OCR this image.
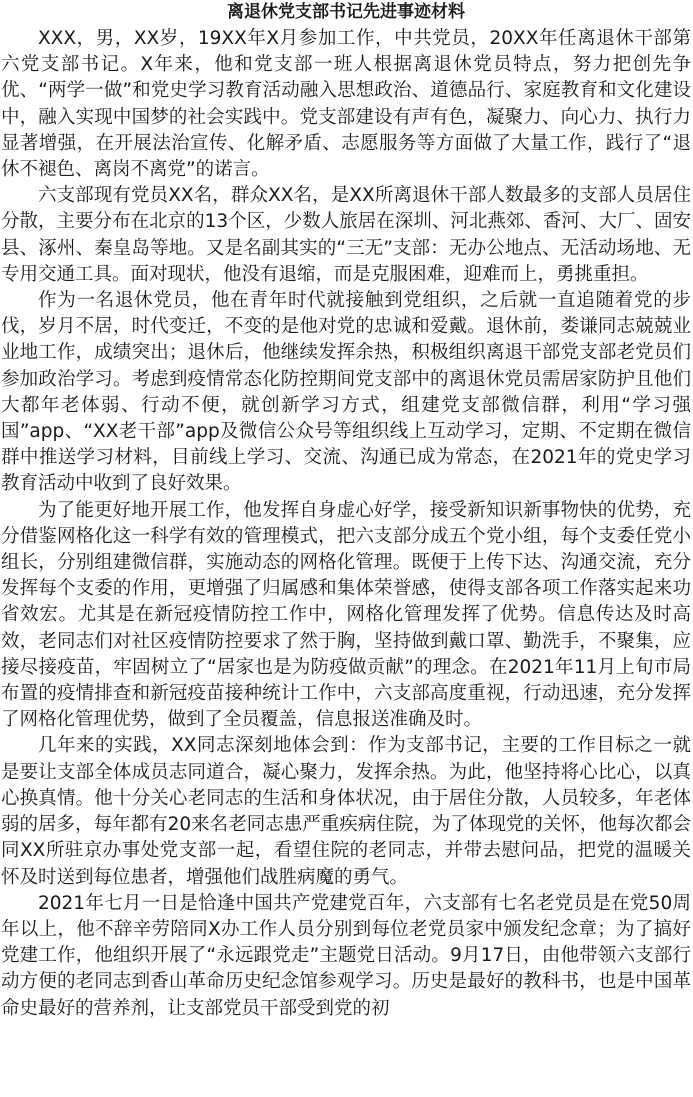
离退休党支部书记先进事迹材料

XXX，男，XX岁，19XX年X月参加工作，中共党员，20XX年任离退休干部第六党支部书记。X年来，他和党支部一班人根据离退休党员特点，努力把创先争优、“两学一做”和党史学习教育活动融入思想政治、道德品行、家庭教育和文化建设中，融入实现中国梦的社会实践中。党支部建设有声有色，凝聚力、向心力、执行力显著增强，在开展法治宣传、化解矛盾、志愿服务等方面做了大量工作，践行了“退休不褪色、离岗不离党”的诺言。

六支部现有党员XX名，群众XX名，是XX所离退休干部人数最多的支部人员居住分散，主要分布在北京的13个区，少数人旅居在深圳、河北燕郊、香河、大厂、固安县、涿州、秦皇岛等地。又是名副其实的“三无”支部：无办公地点、无活动场地、无专用交通工具。面对现状，他没有退缩，而是克服困难，迎难而上，勇挑重担。

作为一名退休党员，他在青年时代就接触到党组织，之后就一直追随着党的步伐，岁月不居，时代变迁，不变的是他对党的忠诚和爱戴。退休前，娄谦同志兢兢业业地工作，成绩突出；退休后，他继续发挥余热，积极组织离退干部党支部老党员们参加政治学习。考虑到疫情常态化防控期间党支部中的离退休党员需居家防护且他们大都年老体弱、行动不便，就创新学习方式，组建党支部微信群，利用“学习强国”app、“XX老干部”app及微信公众号等组织线上互动学习，定期、不定期在微信群中推送学习材料，目前线上学习、交流、沟通已成为常态，在2021年的党史学习教育活动中收到了良好效果。

为了能更好地开展工作，他发挥自身虚心好学，接受新知识新事物快的优势，充分借鉴网格化这一科学有效的管理模式，把六支部分成五个党小组，每个支委任党小组长，分别组建微信群，实施动态的网格化管理。既便于上传下达、沟通交流，充分发挥每个支委的作用，更增强了归属感和集体荣誉感，使得支部各项工作落实起来功省效宏。尤其是在新冠疫情防控工作中，网格化管理发挥了优势。信息传达及时高效，老同志们对社区疫情防控要求了然于胸，坚持做到戴口罩、勤洗手，不聚集，应接尽接疫苗，牢固树立了“居家也是为防疫做贡献”的理念。在2021年11月上旬市局布置的疫情排查和新冠疫苗接种统计工作中，六支部高度重视，行动迅速，充分发挥了网格化管理优势，做到了全员覆盖，信息报送准确及时。

几年来的实践，XX同志深刻地体会到：作为支部书记，主要的工作目标之一就是要让支部全体成员志同道合，凝心聚力，发挥余热。为此，他坚持将心比心，以真心换真情。他十分关心老同志的生活和身体状况，由于居住分散，人员较多，年老体弱的居多，每年都有20来名老同志患严重疾病住院，为了体现党的关怀，他每次都会同XX所驻京办事处党支部一起，看望住院的老同志，并带去慰问品，把党的温暖关怀及时送到每位患者，增强他们战胜病魔的勇气。

2021年七月一日是恰逢中国共产党建党百年，六支部有七名老党员是在党50周年以上，他不辞辛劳陪同X办工作人员分别到每位老党员家中颁发纪念章；为了搞好党建工作，他组织开展了“永远跟党走”主题党日活动。9月17日，由他带领六支部行动方便的老同志到香山革命历史纪念馆参观学习。历史是最好的教科书，也是中国革命史最好的营养剂，让支部党员干部受到党的初
